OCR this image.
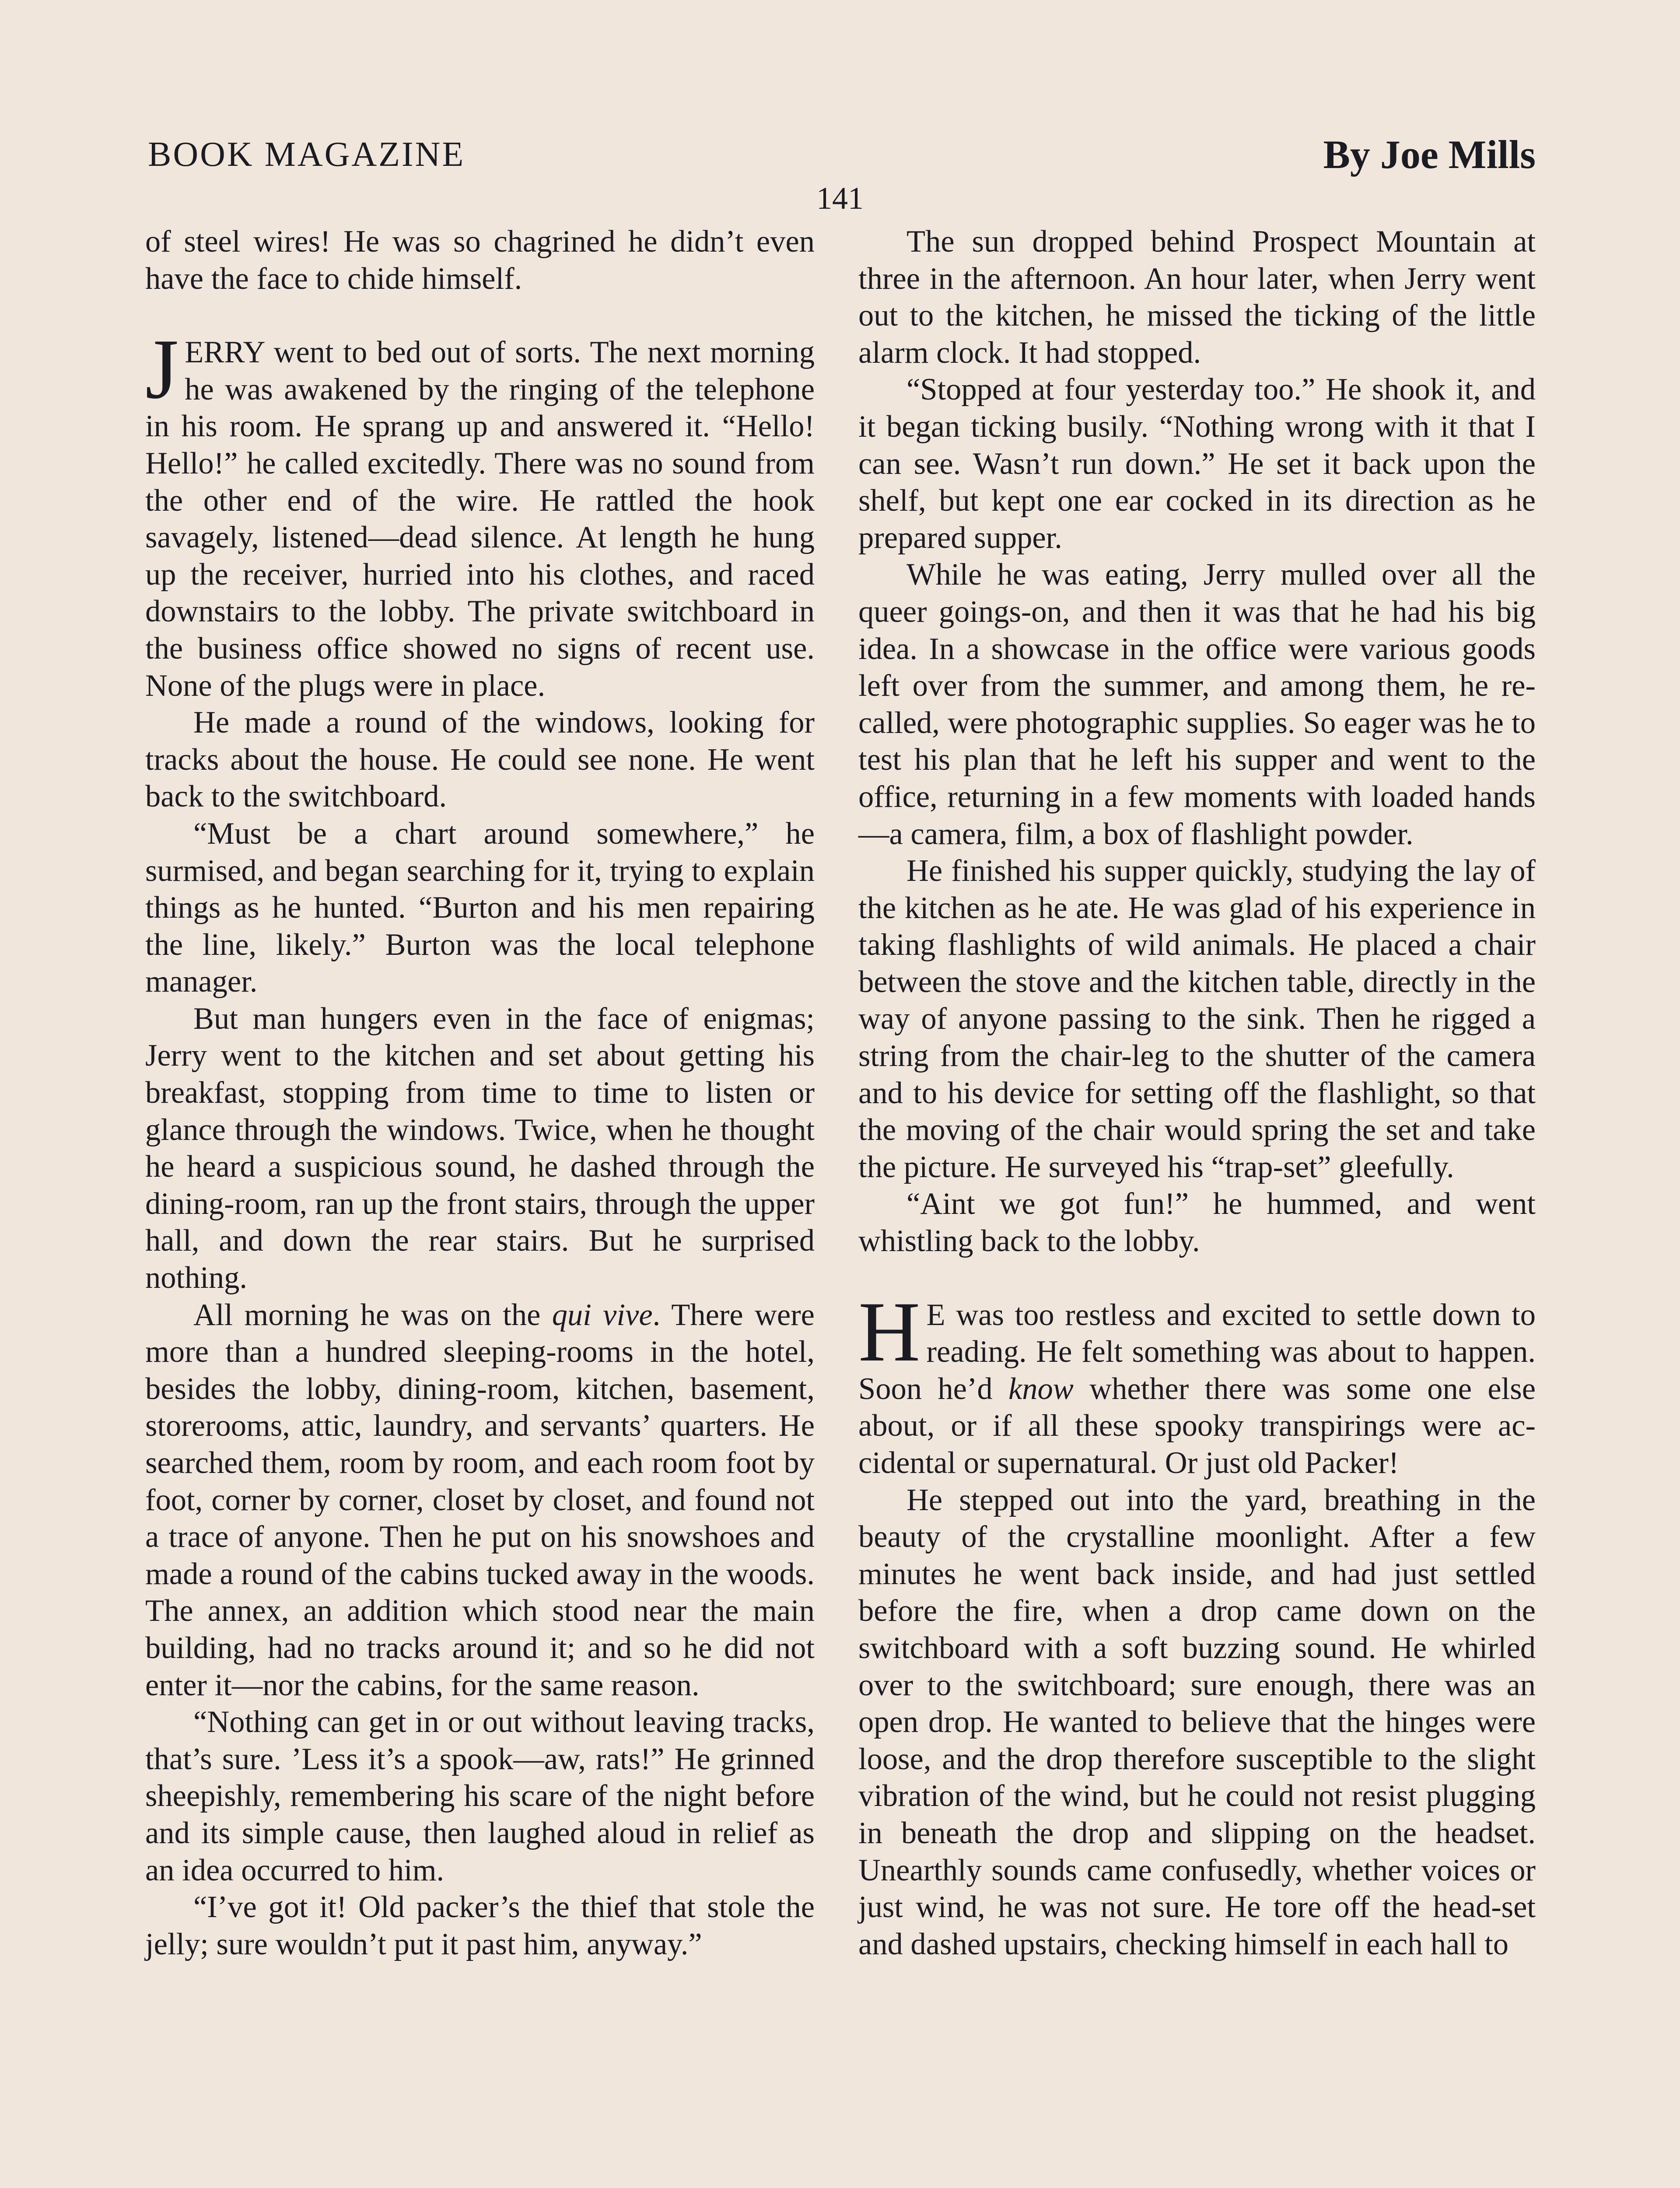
BOOK MAGAZINE	By Joe Mills
141

of steel wires! He was so chagrined he didn’t even have the face to chide himself.

JERRY went to bed out of sorts. The next morning he was awakened by the ringing of the telephone in his room. He sprang up and answered it. “Hello! Hello!” he called excitedly. There was no sound from the other end of the wire. He rattled the hook savagely, listened—dead silence. At length he hung up the receiver, hurried into his clothes, and raced downstairs to the lobby. The private switchboard in the business office showed no signs of recent use. None of the plugs were in place.

He made a round of the windows, looking for tracks about the house. He could see none. He went back to the switchboard.

“Must be a chart around somewhere,” he surmised, and began searching for it, trying to explain things as he hunted. “Burton and his men repairing the line, likely.” Burton was the local telephone manager.

But man hungers even in the face of enigmas; Jerry went to the kitchen and set about getting his breakfast, stopping from time to time to listen or glance through the windows. Twice, when he thought he heard a suspicious sound, he dashed through the dining-room, ran up the front stairs, through the upper hall, and down the rear stairs. But he surprised nothing.

All morning he was on the qui vive. There were more than a hundred sleeping-rooms in the hotel, besides the lobby, dining-room, kitchen, basement, storerooms, attic, laundry, and servants’ quarters. He searched them, room by room, and each room foot by foot, corner by corner, closet by closet, and found not a trace of anyone. Then he put on his snowshoes and made a round of the cabins tucked away in the woods. The annex, an addition which stood near the main building, had no tracks around it; and so he did not enter it—nor the cabins, for the same reason.

“Nothing can get in or out without leaving tracks, that’s sure. ’Less it’s a spook—aw, rats!” He grinned sheepishly, remembering his scare of the night before and its simple cause, then laughed aloud in relief as an idea occurred to him.

“I’ve got it! Old packer’s the thief that stole the jelly; sure wouldn’t put it past him, anyway.”

The sun dropped behind Prospect Mountain at three in the afternoon. An hour later, when Jerry went out to the kitchen, he missed the ticking of the little alarm clock. It had stopped.

“Stopped at four yesterday too.” He shook it, and it began ticking busily. “Nothing wrong with it that I can see. Wasn’t run down.” He set it back upon the shelf, but kept one ear cocked in its direction as he prepared supper.

While he was eating, Jerry mulled over all the queer goings-on, and then it was that he had his big idea. In a showcase in the office were various goods left over from the summer, and among them, he recalled, were photographic supplies. So eager was he to test his plan that he left his supper and went to the office, returning in a few moments with loaded hands—a camera, film, a box of flashlight powder.

He finished his supper quickly, studying the lay of the kitchen as he ate. He was glad of his experience in taking flashlights of wild animals. He placed a chair between the stove and the kitchen table, directly in the way of anyone passing to the sink. Then he rigged a string from the chair-leg to the shutter of the camera and to his device for setting off the flashlight, so that the moving of the chair would spring the set and take the picture. He surveyed his “trap-set” gleefully.

“Aint we got fun!” he hummed, and went whistling back to the lobby.

H E was too restless and excited to settle down to reading. He felt something was about to happen. Soon he’d know whether there was some one else about, or if all these spooky transpirings were accidental or supernatural. Or just old Packer!

He stepped out into the yard, breathing in the beauty of the crystalline moonlight. After a few minutes he went back inside, and had just settled before the fire, when a drop came down on the switchboard with a soft buzzing sound. He whirled over to the switchboard; sure enough, there was an open drop. He wanted to believe that the hinges were loose, and the drop therefore susceptible to the slight vibration of the wind, but he could not resist plugging in beneath the drop and slipping on the headset. Unearthly sounds came confusedly, whether voices or just wind, he was not sure. He tore off the head-set and dashed upstairs, checking himself in each hall to
